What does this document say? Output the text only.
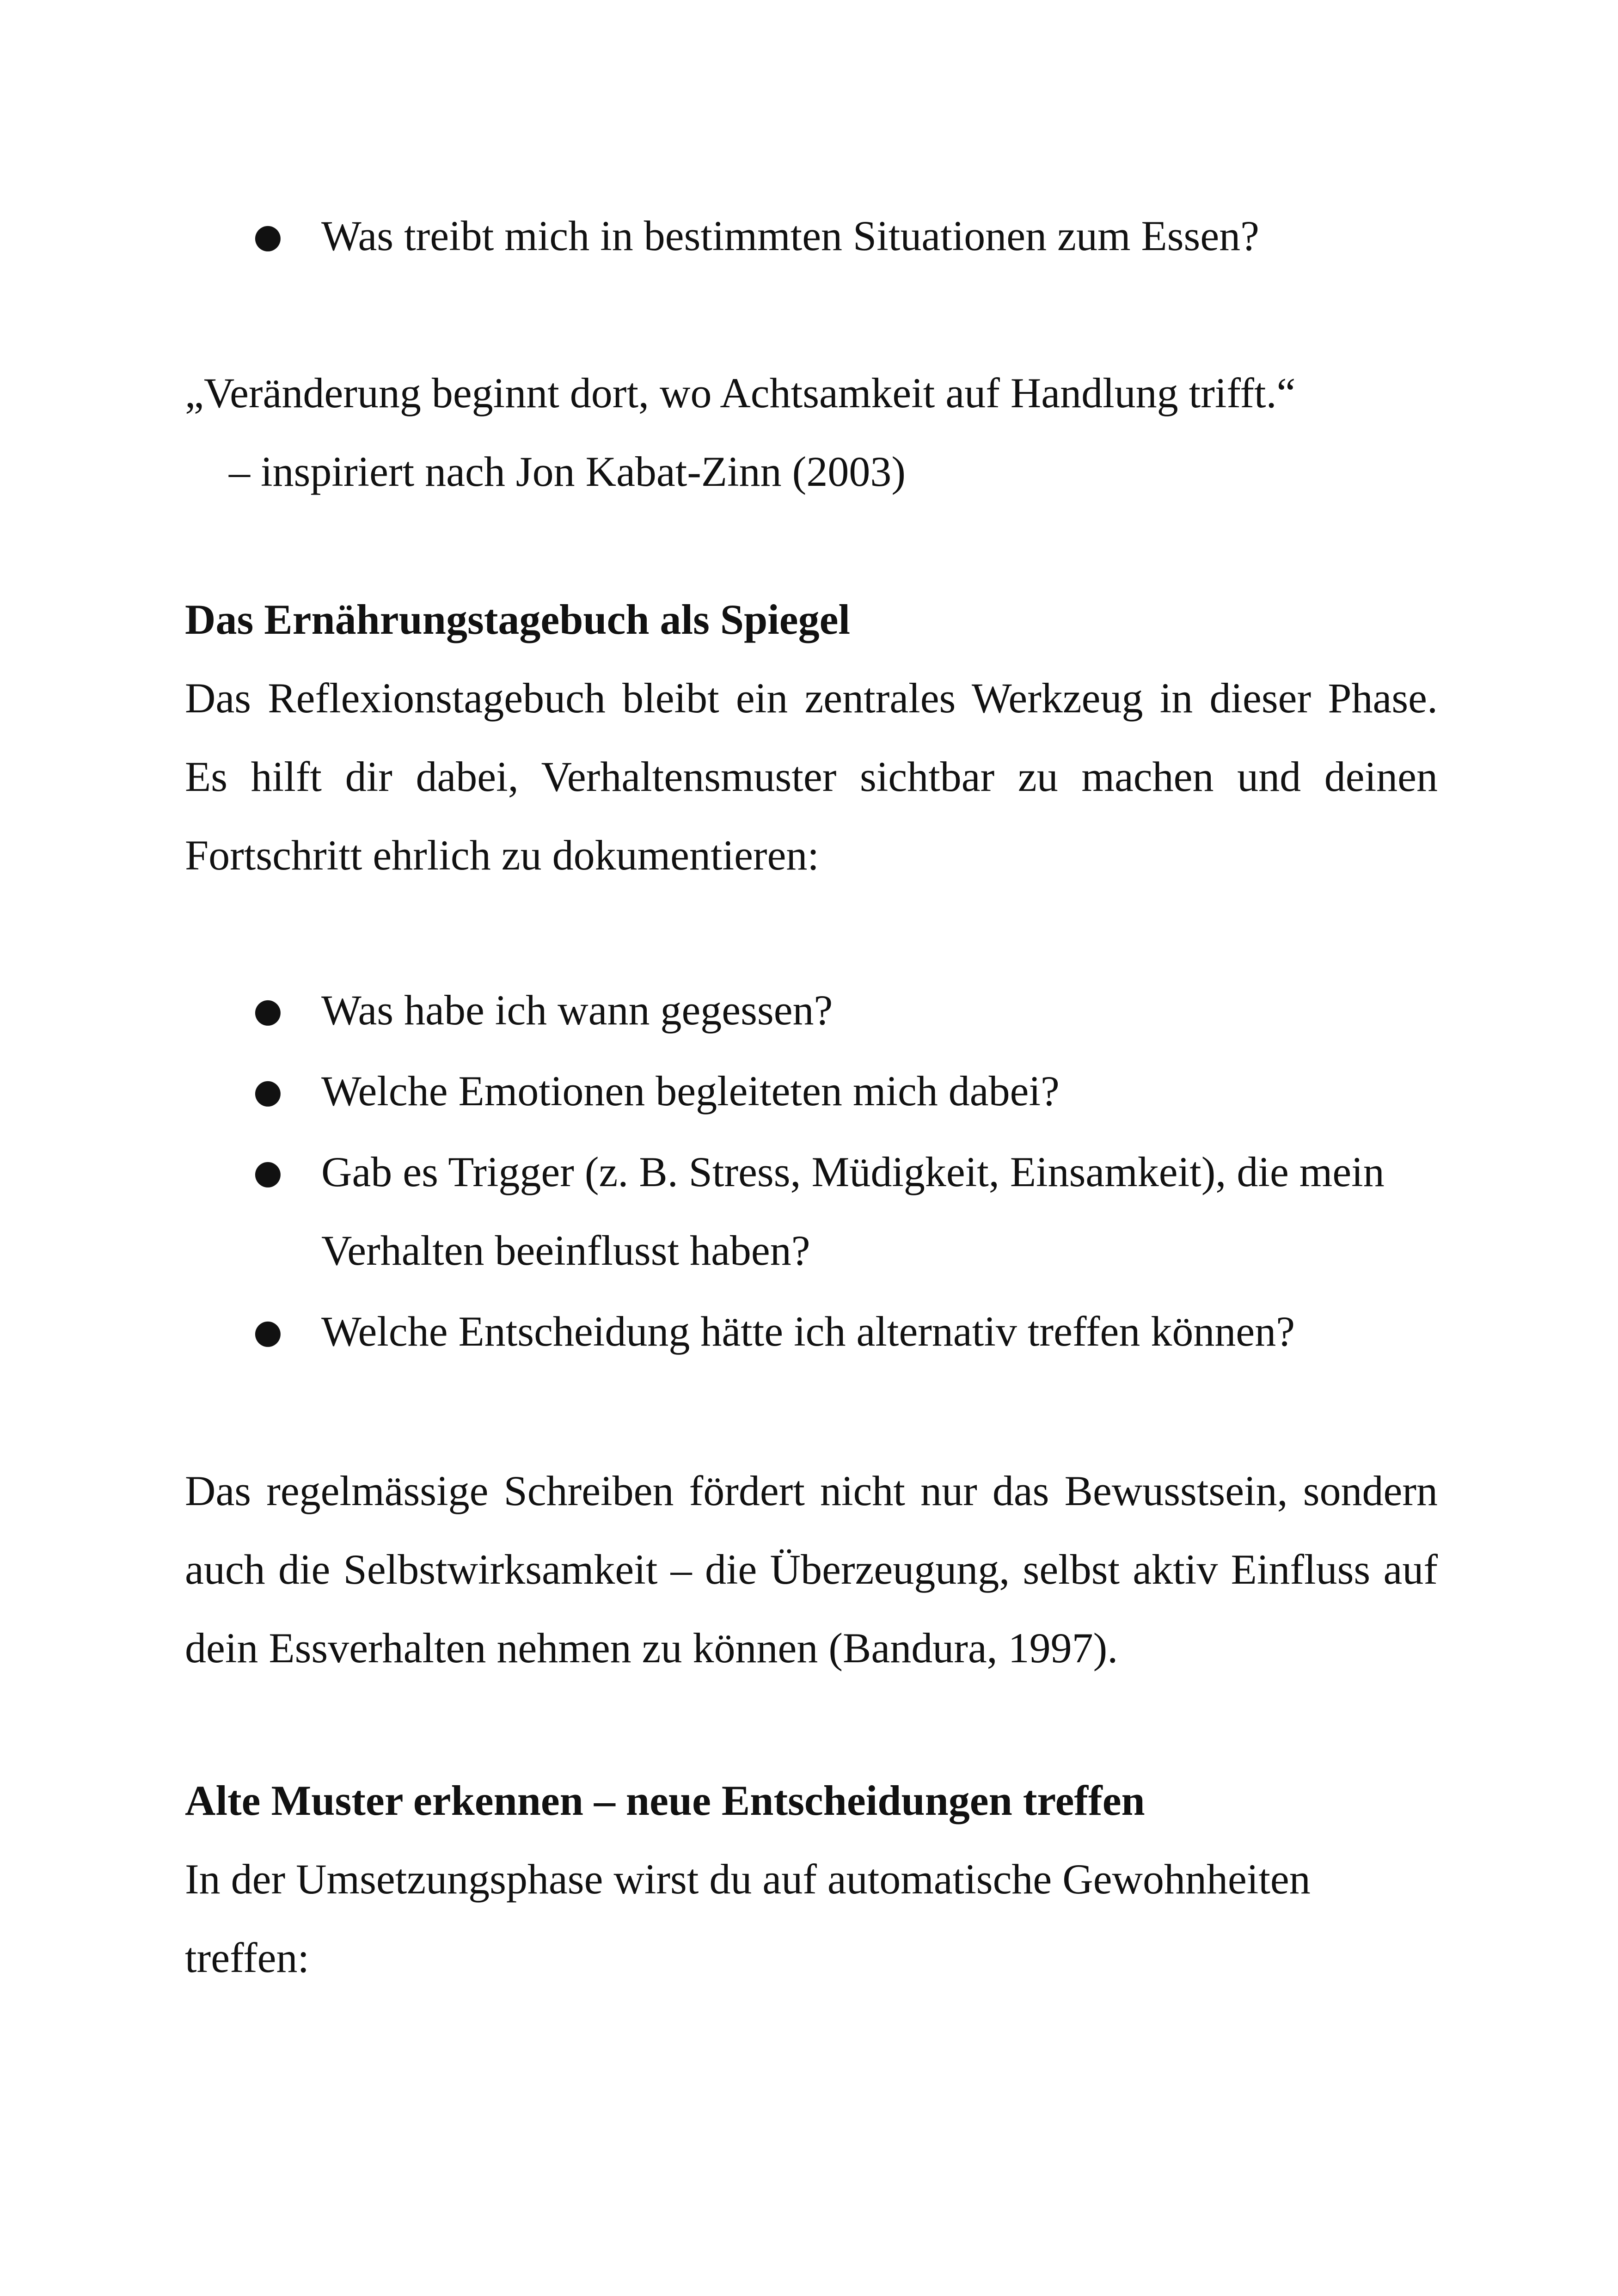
● Was treibt mich in bestimmten Situationen zum Essen?

„Veränderung beginnt dort, wo Achtsamkeit auf Handlung trifft.“

– inspiriert nach Jon Kabat-Zinn (2003)

Das Ernährungstagebuch als Spiegel

Das Reflexionstagebuch bleibt ein zentrales Werkzeug in dieser Phase. Es hilft dir dabei, Verhaltensmuster sichtbar zu machen und deinen Fortschritt ehrlich zu dokumentieren:

● Was habe ich wann gegessen?
● Welche Emotionen begleiteten mich dabei?
● Gab es Trigger (z. B. Stress, Müdigkeit, Einsamkeit), die mein Verhalten beeinflusst haben?
● Welche Entscheidung hätte ich alternativ treffen können?

Das regelmässige Schreiben fördert nicht nur das Bewusstsein, sondern auch die Selbstwirksamkeit – die Überzeugung, selbst aktiv Einfluss auf dein Essverhalten nehmen zu können (Bandura, 1997).

Alte Muster erkennen – neue Entscheidungen treffen

In der Umsetzungsphase wirst du auf automatische Gewohnheiten treffen:
